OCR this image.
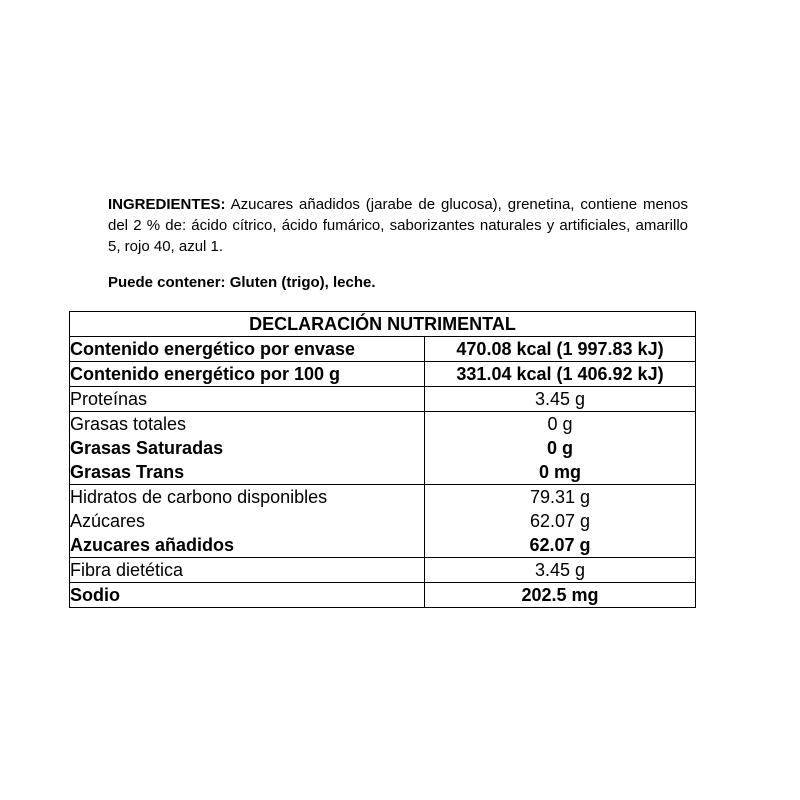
INGREDIENTES: Azucares añadidos (jarabe de glucosa), grenetina, contiene menos del 2 % de: ácido cítrico, ácido fumárico, saborizantes naturales y artificiales, amarillo 5, rojo 40, azul 1.

Puede contener: Gluten (trigo), leche.

DECLARACIÓN NUTRIMENTAL	
Contenido energético por envase	470.08 kcal (1 997.83 kJ)
Contenido energético por 100 g	331.04 kcal (1 406.92 kJ)
Proteínas	3.45 g
Grasas totales	0 g
Grasas Saturadas	0 g
Grasas Trans	0 mg
Hidratos de carbono disponibles	79.31 g
Azúcares	62.07 g
Azucares añadidos	62.07 g
Fibra dietética	3.45 g
Sodio	202.5 mg
